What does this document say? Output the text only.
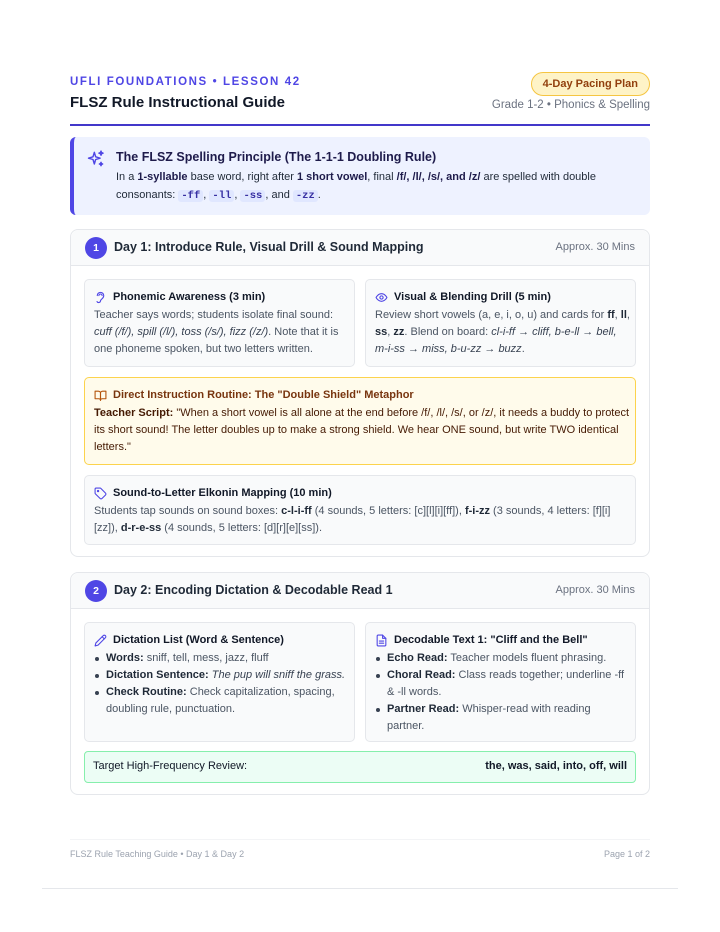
UFLI FOUNDATIONS • LESSON 42
FLSZ Rule Instructional Guide
4-Day Pacing Plan
Grade 1-2 • Phonics & Spelling
The FLSZ Spelling Principle (The 1-1-1 Doubling Rule)
In a 1-syllable base word, right after 1 short vowel, final /f/, /l/, /s/, and /z/ are spelled with double consonants: -ff , -ll , -ss , and -zz .
1	Day 1: Introduce Rule, Visual Drill & Sound Mapping	Approx. 30 Mins
Phonemic Awareness (3 min)
Teacher says words; students isolate final sound: cuff (/f/), spill (/l/), toss (/s/), fizz (/z/). Note that it is one phoneme spoken, but two letters written.
Visual & Blending Drill (5 min)
Review short vowels (a, e, i, o, u) and cards for ff, ll, ss, zz. Blend on board: cl-i-ff → cliff, b-e-ll → bell, m-i-ss → miss, b-u-zz → buzz.
Direct Instruction Routine: The "Double Shield" Metaphor
Teacher Script: "When a short vowel is all alone at the end before /f/, /l/, /s/, or /z/, it needs a buddy to protect its short sound! The letter doubles up to make a strong shield. We hear ONE sound, but write TWO identical letters."
Sound-to-Letter Elkonin Mapping (10 min)
Students tap sounds on sound boxes: c-l-i-ff (4 sounds, 5 letters: [c][l][i][ff]), f-i-zz (3 sounds, 4 letters: [f][i][zz]), d-r-e-ss (4 sounds, 5 letters: [d][r][e][ss]).
2	Day 2: Encoding Dictation & Decodable Read 1	Approx. 30 Mins
Dictation List (Word & Sentence)
Words: sniff, tell, mess, jazz, fluff
Dictation Sentence: The pup will sniff the grass.
Check Routine: Check capitalization, spacing, doubling rule, punctuation.
Decodable Text 1: "Cliff and the Bell"
Echo Read: Teacher models fluent phrasing.
Choral Read: Class reads together; underline -ff & -ll words.
Partner Read: Whisper-read with reading partner.
Target High-Frequency Review:	the, was, said, into, off, will
FLSZ Rule Teaching Guide • Day 1 & Day 2	Page 1 of 2
